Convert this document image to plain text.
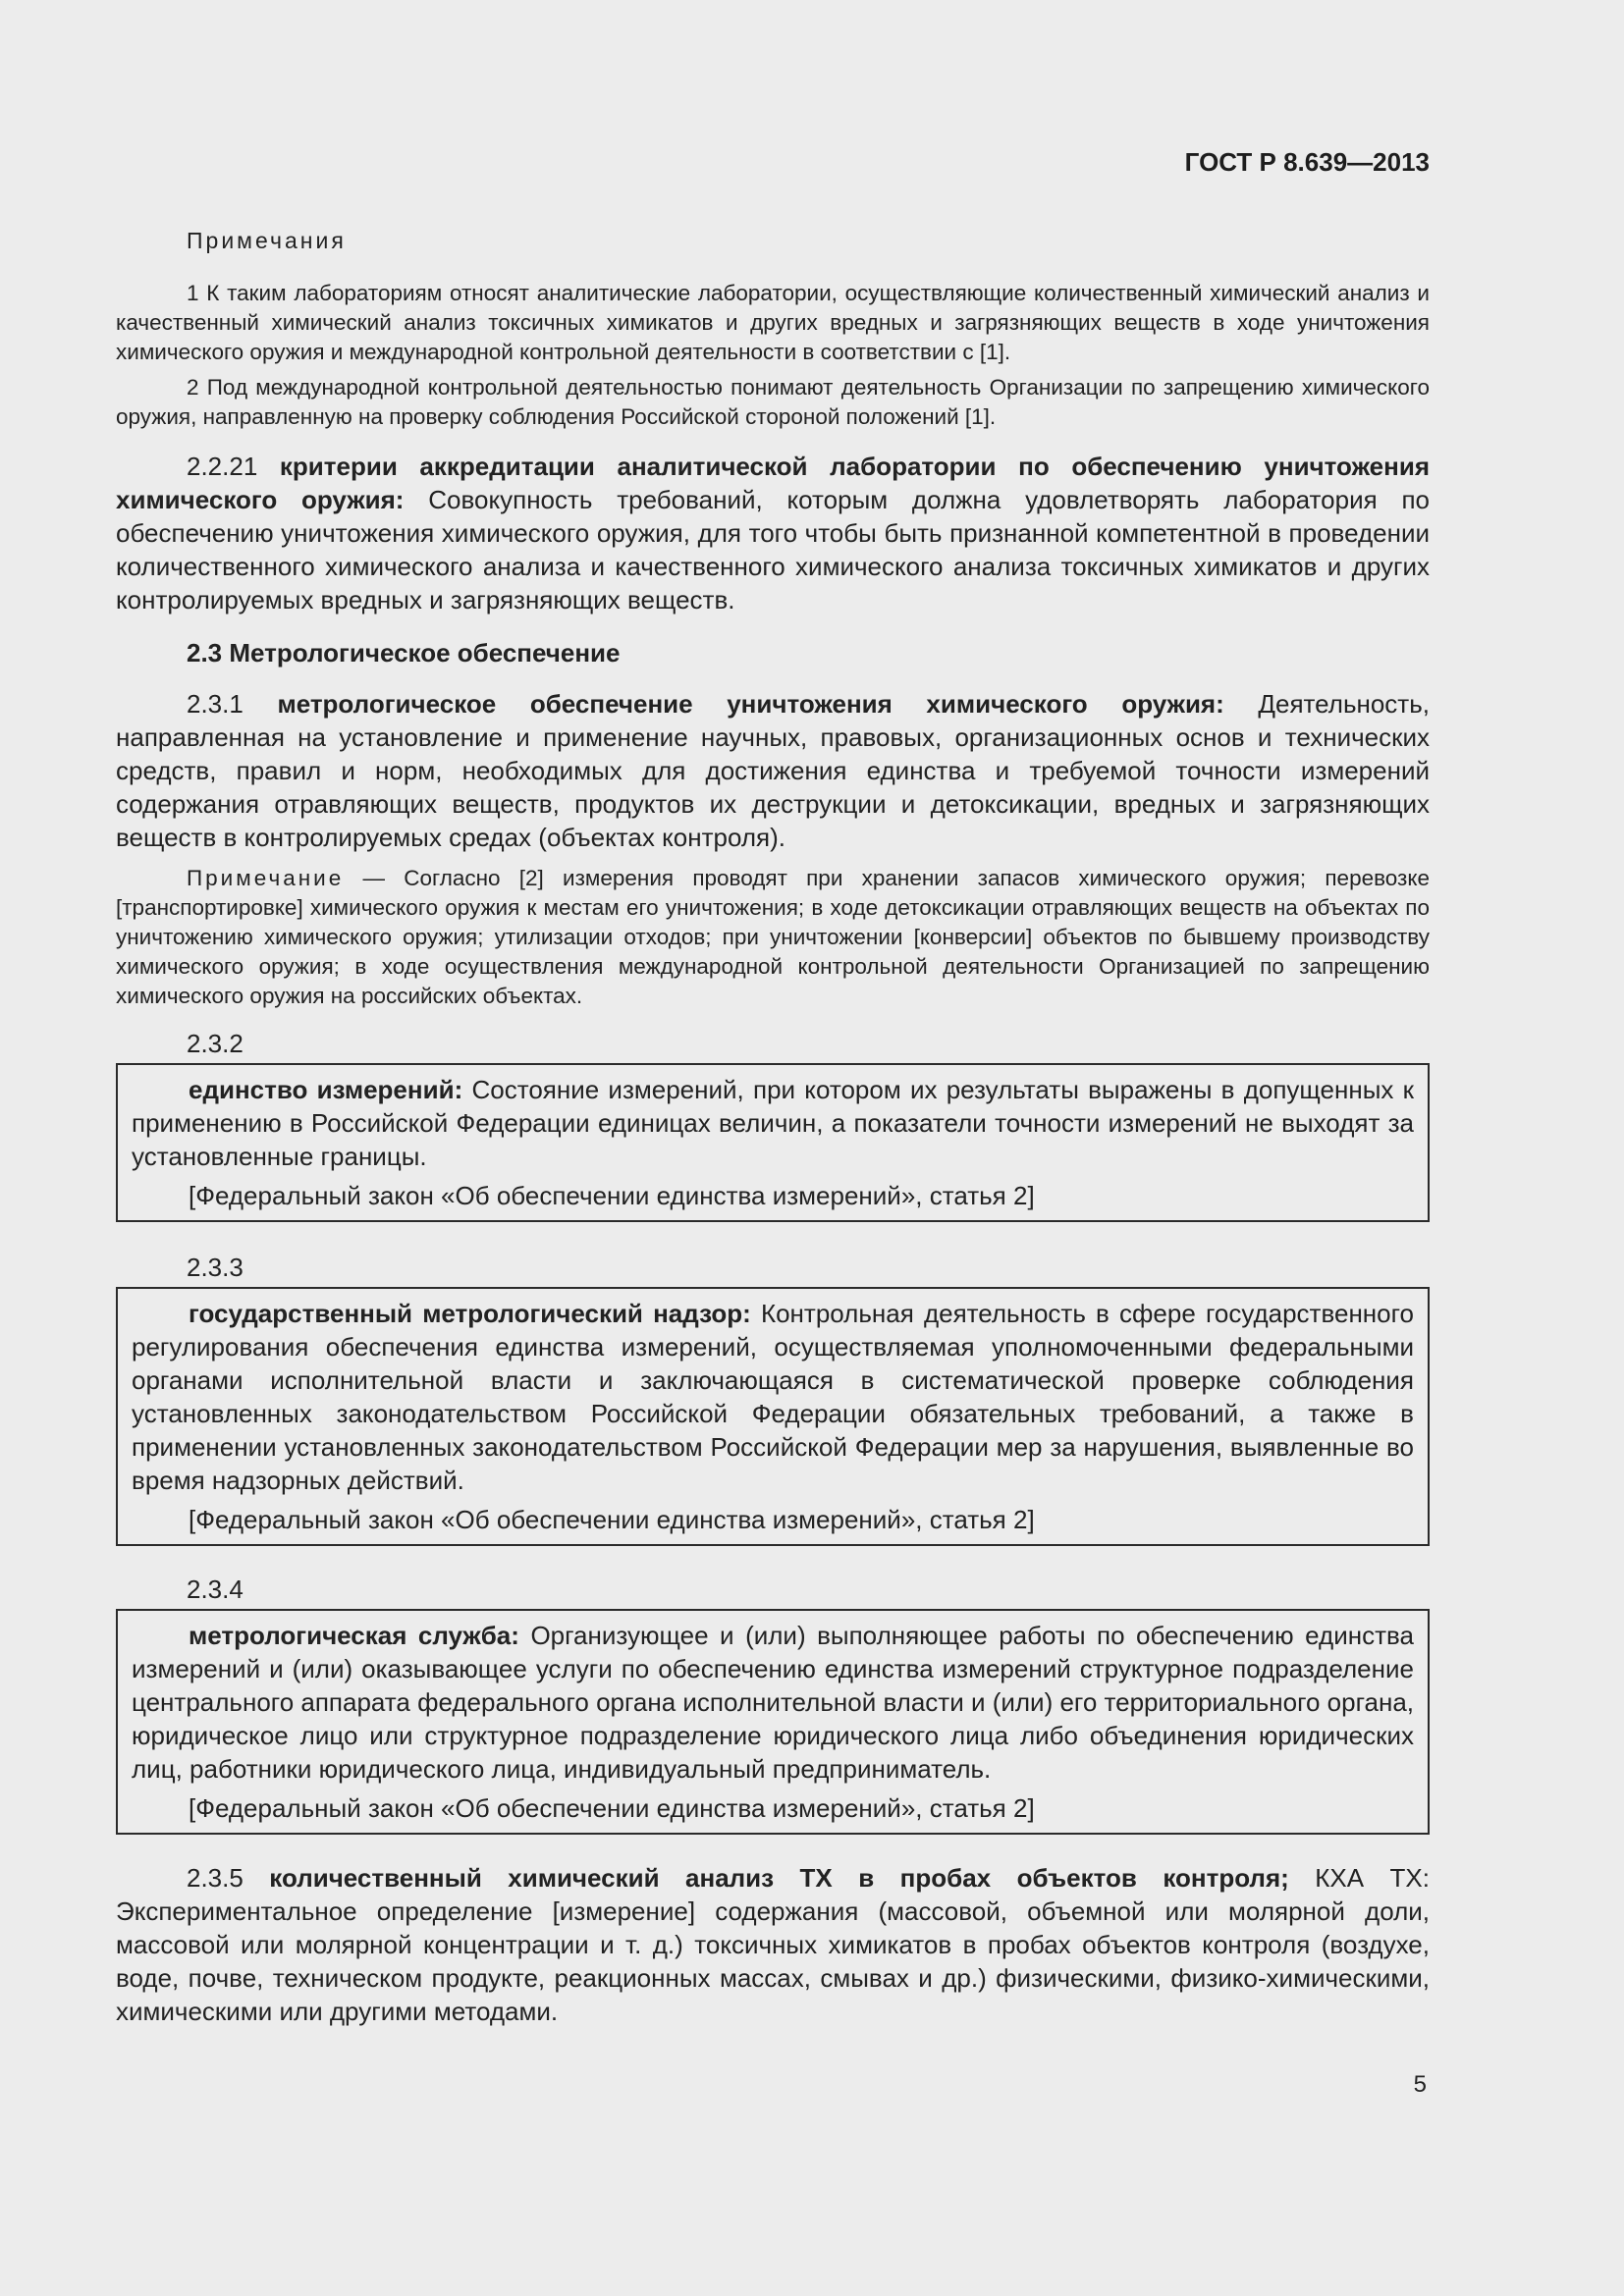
ГОСТ Р 8.639—2013
Примечания

1 К таким лабораториям относят аналитические лаборатории, осуществляющие количественный химический анализ и качественный химический анализ токсичных химикатов и других вредных и загрязняющих веществ в ходе уничтожения химического оружия и международной контрольной деятельности в соответствии с [1].

2 Под международной контрольной деятельностью понимают деятельность Организации по запрещению химического оружия, направленную на проверку соблюдения Российской стороной положений [1].

2.2.21 критерии аккредитации аналитической лаборатории по обеспечению уничтожения химического оружия: Совокупность требований, которым должна удовлетворять лаборатория по обеспечению уничтожения химического оружия, для того чтобы быть признанной компетентной в проведении количественного химического анализа и качественного химического анализа токсичных химикатов и других контролируемых вредных и загрязняющих веществ.

2.3 Метрологическое обеспечение

2.3.1 метрологическое обеспечение уничтожения химического оружия: Деятельность, направленная на установление и применение научных, правовых, организационных основ и технических средств, правил и норм, необходимых для достижения единства и требуемой точности измерений содержания отравляющих веществ, продуктов их деструкции и детоксикации, вредных и загрязняющих веществ в контролируемых средах (объектах контроля).

Примечание — Согласно [2] измерения проводят при хранении запасов химического оружия; перевозке [транспортировке] химического оружия к местам его уничтожения; в ходе детоксикации отравляющих веществ на объектах по уничтожению химического оружия; утилизации отходов; при уничтожении [конверсии] объектов по бывшему производству химического оружия; в ходе осуществления международной контрольной деятельности Организацией по запрещению химического оружия на российских объектах.

2.3.2

единство измерений: Состояние измерений, при котором их результаты выражены в допущенных к применению в Российской Федерации единицах величин, а показатели точности измерений не выходят за установленные границы.

[Федеральный закон «Об обеспечении единства измерений», статья 2]

2.3.3

государственный метрологический надзор: Контрольная деятельность в сфере государственного регулирования обеспечения единства измерений, осуществляемая уполномоченными федеральными органами исполнительной власти и заключающаяся в систематической проверке соблюдения установленных законодательством Российской Федерации обязательных требований, а также в применении установленных законодательством Российской Федерации мер за нарушения, выявленные во время надзорных действий.

[Федеральный закон «Об обеспечении единства измерений», статья 2]

2.3.4

метрологическая служба: Организующее и (или) выполняющее работы по обеспечению единства измерений и (или) оказывающее услуги по обеспечению единства измерений структурное подразделение центрального аппарата федерального органа исполнительной власти и (или) его территориального органа, юридическое лицо или структурное подразделение юридического лица либо объединения юридических лиц, работники юридического лица, индивидуальный предприниматель.

[Федеральный закон «Об обеспечении единства измерений», статья 2]

2.3.5 количественный химический анализ ТХ в пробах объектов контроля; КХА ТХ: Экспериментальное определение [измерение] содержания (массовой, объемной или молярной доли, массовой или молярной концентрации и т. д.) токсичных химикатов в пробах объектов контроля (воздухе, воде, почве, техническом продукте, реакционных массах, смывах и др.) физическими, физико-химическими, химическими или другими методами.

5
